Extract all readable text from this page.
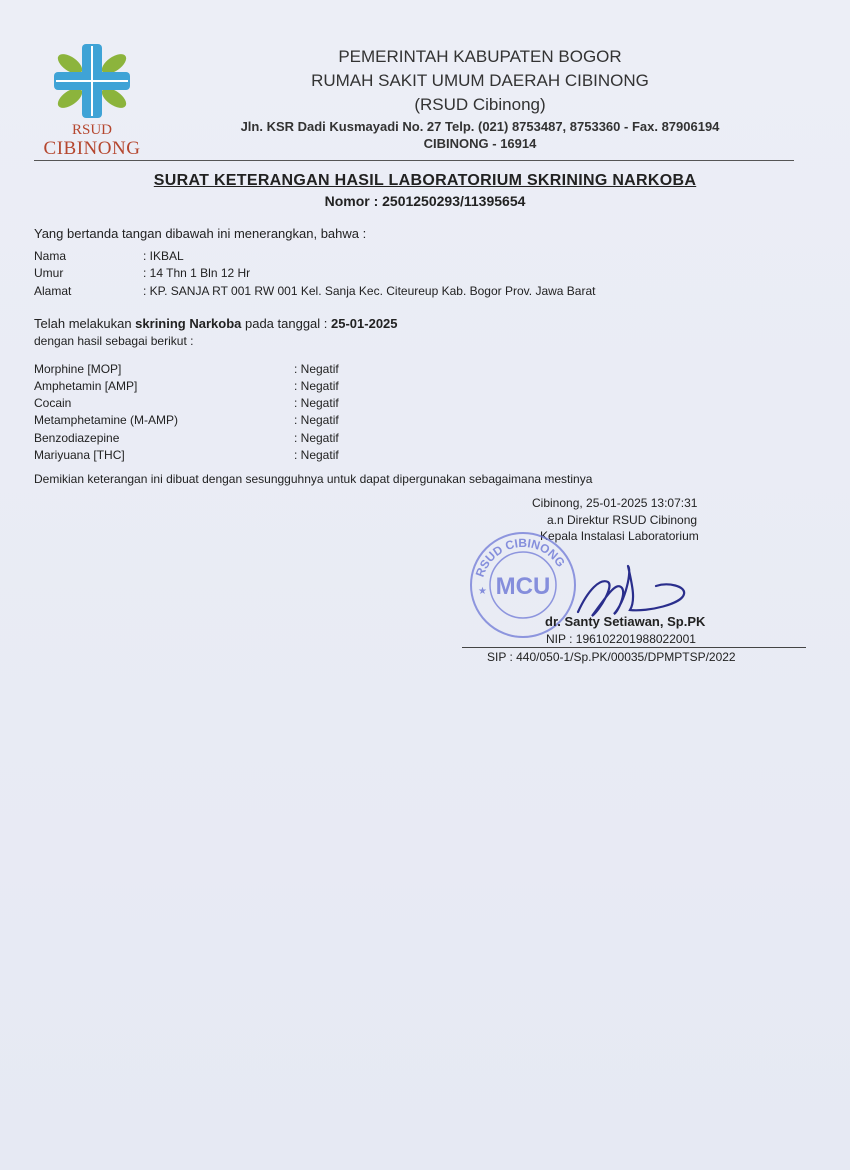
RSUD
CIBINONG
PEMERINTAH KABUPATEN BOGOR
RUMAH SAKIT UMUM DAERAH CIBINONG
(RSUD Cibinong)
Jln. KSR Dadi Kusmayadi No. 27 Telp. (021) 8753487, 8753360 - Fax. 87906194
CIBINONG - 16914
SURAT KETERANGAN HASIL LABORATORIUM SKRINING NARKOBA
Nomor : 2501250293/11395654
Yang bertanda tangan dibawah ini menerangkan, bahwa :
Nama	: IKBAL
Umur	: 14 Thn 1 Bln 12 Hr
Alamat	: KP. SANJA RT 001 RW 001 Kel. Sanja Kec. Citeureup Kab. Bogor Prov. Jawa Barat
Telah melakukan skrining Narkoba pada tanggal : 25-01-2025
dengan hasil sebagai berikut :
Morphine [MOP]	: Negatif
Amphetamin [AMP]	: Negatif
Cocain	: Negatif
Metamphetamine (M-AMP)	: Negatif
Benzodiazepine	: Negatif
Mariyuana [THC]	: Negatif
Demikian keterangan ini dibuat dengan sesungguhnya untuk dapat dipergunakan sebagaimana mestinya
Cibinong, 25-01-2025 13:07:31
a.n Direktur RSUD Cibinong
Kepala Instalasi Laboratorium
RSUD CIBINONG
MCU
★
dr. Santy Setiawan, Sp.PK
NIP : 196102201988022001
SIP : 440/050-1/Sp.PK/00035/DPMPTSP/2022
